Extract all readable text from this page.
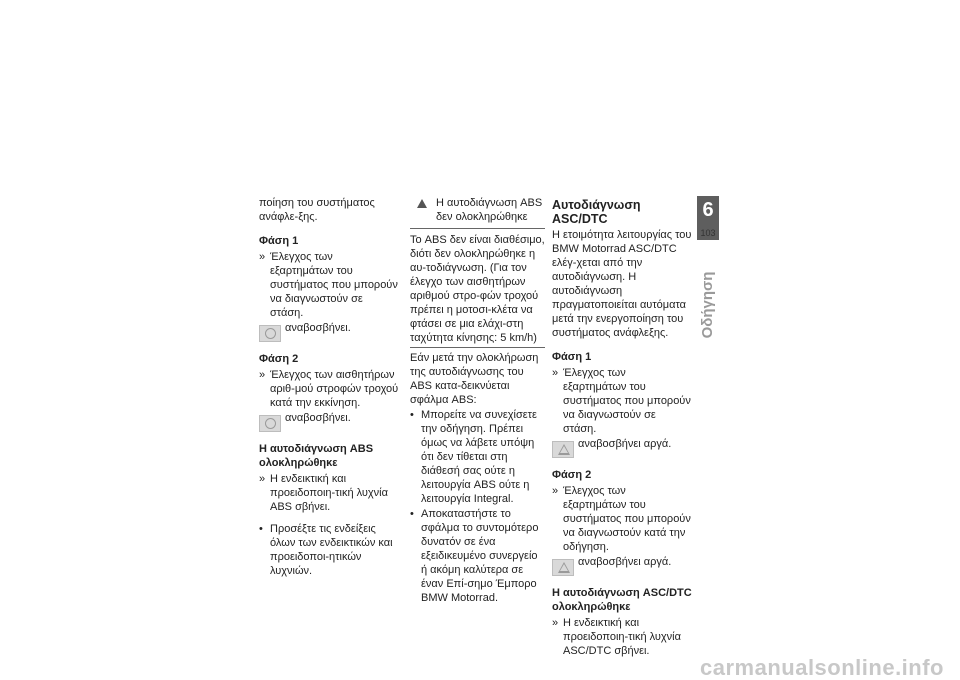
ποίηση του συστήματος ανάφλε-ξης.

Φάση 1

» Έλεγχος των εξαρτημάτων του συστήματος που μπορούν να διαγνωστούν σε στάση.
αναβοσβήνει.

Φάση 2

» Έλεγχος των αισθητήρων αριθ-μού στροφών τροχού κατά την εκκίνηση.
αναβοσβήνει.

Η αυτοδιάγνωση ABS ολοκληρώθηκε

» Η ενδεικτική και προειδοποιη-τική λυχνία ABS σβήνει.
• Προσέξτε τις ενδείξεις όλων των ενδεικτικών και προειδοποι-ητικών λυχνιών.
Η αυτοδιάγνωση ABS δεν ολοκληρώθηκε

Το ABS δεν είναι διαθέσιμο, διότι δεν ολοκληρώθηκε η αυ-τοδιάγνωση. (Για τον έλεγχο των αισθητήρων αριθμού στρο-φών τροχού πρέπει η μοτοσι-κλέτα να φτάσει σε μια ελάχι-στη ταχύτητα κίνησης: 5 km/h)

Εάν μετά την ολοκλήρωση της αυτοδιάγνωσης του ABS κατα-δεικνύεται σφάλμα ABS:

• Μπορείτε να συνεχίσετε την οδήγηση. Πρέπει όμως να λάβετε υπόψη ότι δεν τίθεται στη διάθεσή σας ούτε η λειτουργία ABS ούτε η λειτουργία Integral.
• Αποκαταστήστε το σφάλμα το συντομότερο δυνατόν σε ένα εξειδικευμένο συνεργείο ή ακόμη καλύτερα σε έναν Επί-σημο Έμπορο BMW Motorrad.

Αυτοδιάγνωση ASC/DTC

Η ετοιμότητα λειτουργίας του BMW Motorrad ASC/DTC ελέγ-χεται από την αυτοδιάγνωση. Η αυτοδιάγνωση πραγματοποιείται αυτόματα μετά την ενεργοποίηση του συστήματος ανάφλεξης.

Φάση 1

» Έλεγχος των εξαρτημάτων του συστήματος που μπορούν να διαγνωστούν σε στάση.
αναβοσβήνει αργά.

Φάση 2

» Έλεγχος των εξαρτημάτων του συστήματος που μπορούν να διαγνωστούν κατά την οδήγηση.
αναβοσβήνει αργά.

Η αυτοδιάγνωση ASC/DTC ολοκληρώθηκε

» Η ενδεικτική και προειδοποιη-τική λυχνία ASC/DTC σβήνει.
6
103
Οδήγηση
carmanualsonline.info
